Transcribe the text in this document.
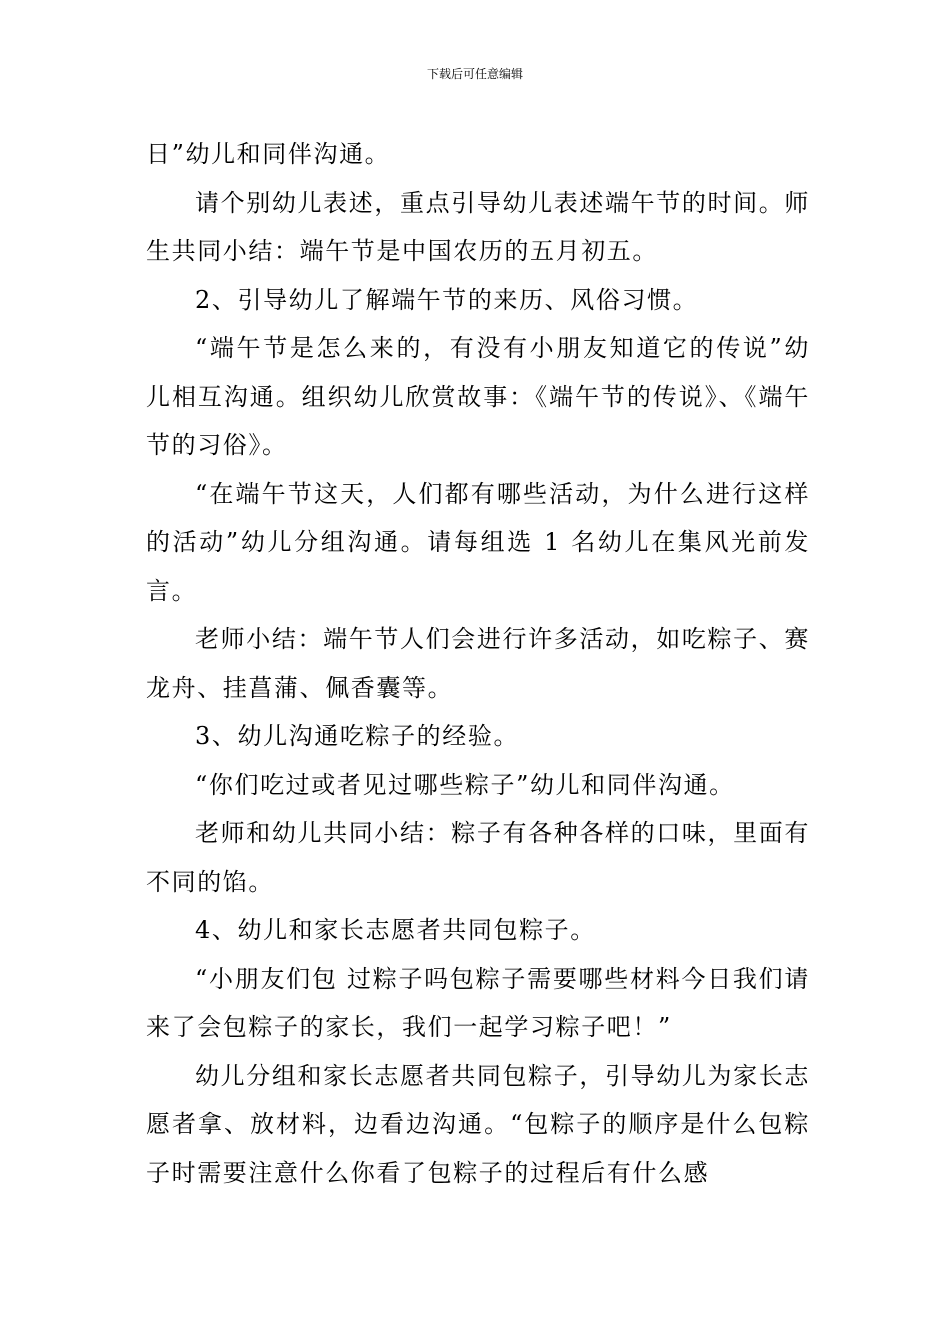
下载后可任意编辑

日”幼儿和同伴沟通。

请个别幼儿表述，重点引导幼儿表述端午节的时间。师生共同小结：端午节是中国农历的五月初五。

2、引导幼儿了解端午节的来历、风俗习惯。

“端午节是怎么来的，有没有小朋友知道它的传说”幼儿相互沟通。组织幼儿欣赏故事：《端午节的传说》、《端午节的习俗》。

“在端午节这天，人们都有哪些活动，为什么进行这样的活动”幼儿分组沟通。请每组选 1 名幼儿在集风光前发言。

老师小结：端午节人们会进行许多活动，如吃粽子、赛龙舟、挂菖蒲、佩香囊等。

3、幼儿沟通吃粽子的经验。

“你们吃过或者见过哪些粽子”幼儿和同伴沟通。

老师和幼儿共同小结：粽子有各种各样的口味，里面有不同的馅。

4、幼儿和家长志愿者共同包粽子。

“小朋友们包 过粽子吗包粽子需要哪些材料今日我们请来了会包粽子的家长，我们一起学习粽子吧！”

幼儿分组和家长志愿者共同包粽子，引导幼儿为家长志愿者拿、放材料，边看边沟通。“包粽子的顺序是什么包粽子时需要注意什么你看了包粽子的过程后有什么感
